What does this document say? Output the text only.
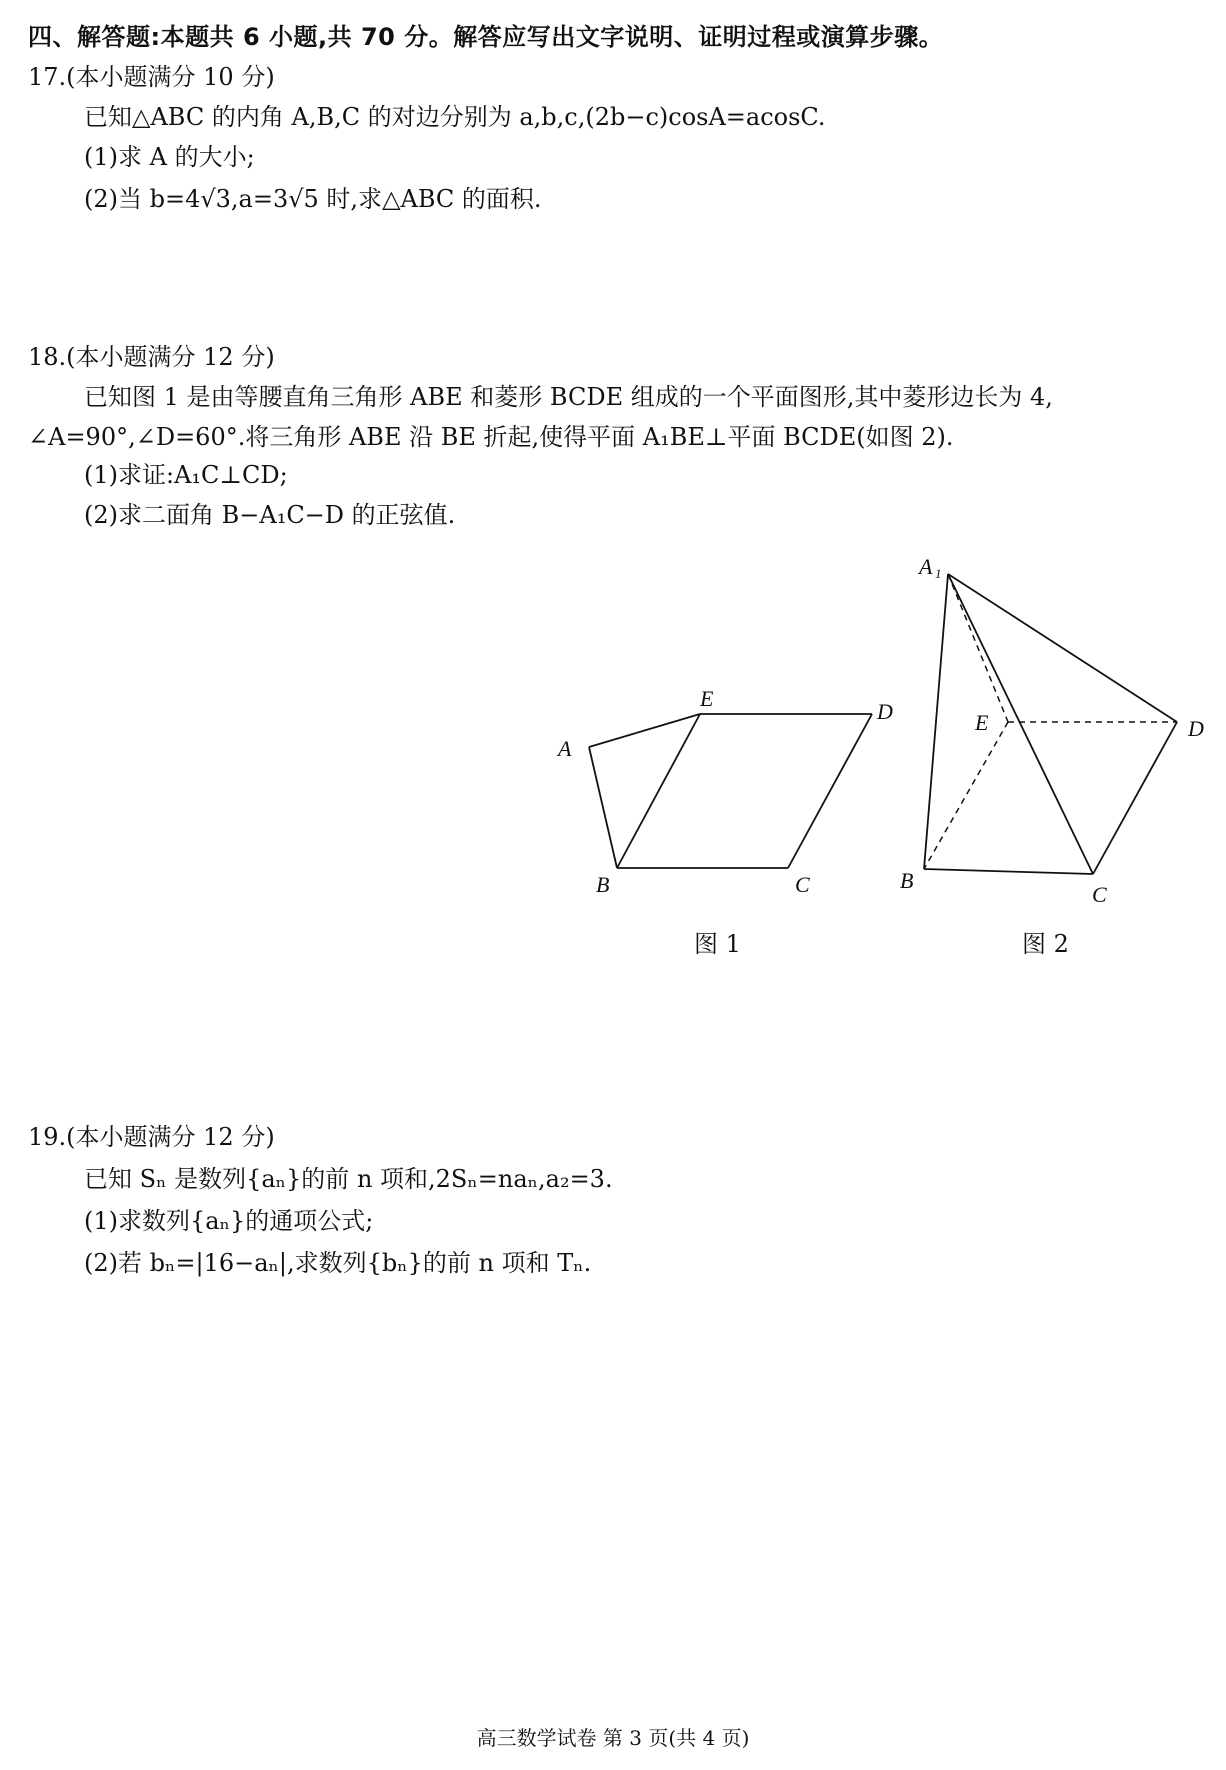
四、解答题:本题共 6 小题,共 70 分。解答应写出文字说明、证明过程或演算步骤。
17.(本小题满分 10 分)
已知△ABC 的内角 A,B,C 的对边分别为 a,b,c,(2b−c)cosA=acosC.
(1)求 A 的大小;
(2)当 b=4√3,a=3√5 时,求△ABC 的面积.
18.(本小题满分 12 分)
已知图 1 是由等腰直角三角形 ABE 和菱形 BCDE 组成的一个平面图形,其中菱形边长为 4,
∠A=90°,∠D=60°.将三角形 ABE 沿 BE 折起,使得平面 A₁BE⊥平面 BCDE(如图 2).
(1)求证:A₁C⊥CD;
(2)求二面角 B−A₁C−D 的正弦值.
A
E
D
B	C
A 1
E	D
B
C
图 1	图 2
19.(本小题满分 12 分)
已知 Sₙ 是数列{aₙ}的前 n 项和,2Sₙ=naₙ,a₂=3.
(1)求数列{aₙ}的通项公式;
(2)若 bₙ=|16−aₙ|,求数列{bₙ}的前 n 项和 Tₙ.
高三数学试卷 第 3 页(共 4 页)
